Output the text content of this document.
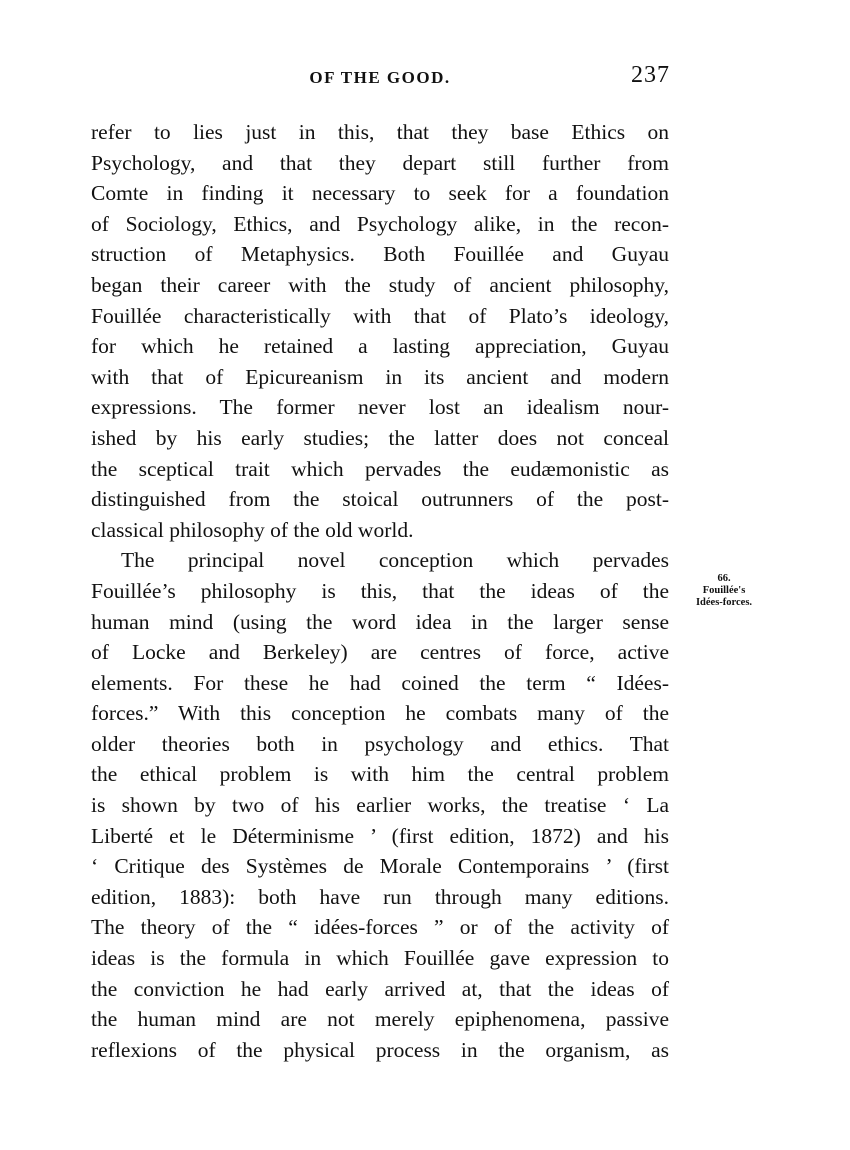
OF THE GOOD.	237
refer to lies just in this, that they base Ethics on
Psychology, and that they depart still further from
Comte in finding it necessary to seek for a foundation
of Sociology, Ethics, and Psychology alike, in the recon-
struction of Metaphysics. Both Fouillée and Guyau
began their career with the study of ancient philosophy,
Fouillée characteristically with that of Plato’s ideology,
for which he retained a lasting appreciation, Guyau
with that of Epicureanism in its ancient and modern
expressions. The former never lost an idealism nour-
ished by his early studies; the latter does not conceal
the sceptical trait which pervades the eudæmonistic as
distinguished from the stoical outrunners of the post-
classical philosophy of the old world.
The principal novel conception which pervades
Fouillée’s philosophy is this, that the ideas of the
human mind (using the word idea in the larger sense
of Locke and Berkeley) are centres of force, active
elements. For these he had coined the term “ Idées-
forces.” With this conception he combats many of the
older theories both in psychology and ethics. That
the ethical problem is with him the central problem
is shown by two of his earlier works, the treatise ‘ La
Liberté et le Déterminisme ’ (first edition, 1872) and his
‘ Critique des Systèmes de Morale Contemporains ’ (first
edition, 1883): both have run through many editions.
The theory of the “ idées-forces ” or of the activity of
ideas is the formula in which Fouillée gave expression to
the conviction he had early arrived at, that the ideas of
the human mind are not merely epiphenomena, passive
reflexions of the physical process in the organism, as
66.
Fouillée's
Idées-forces.
